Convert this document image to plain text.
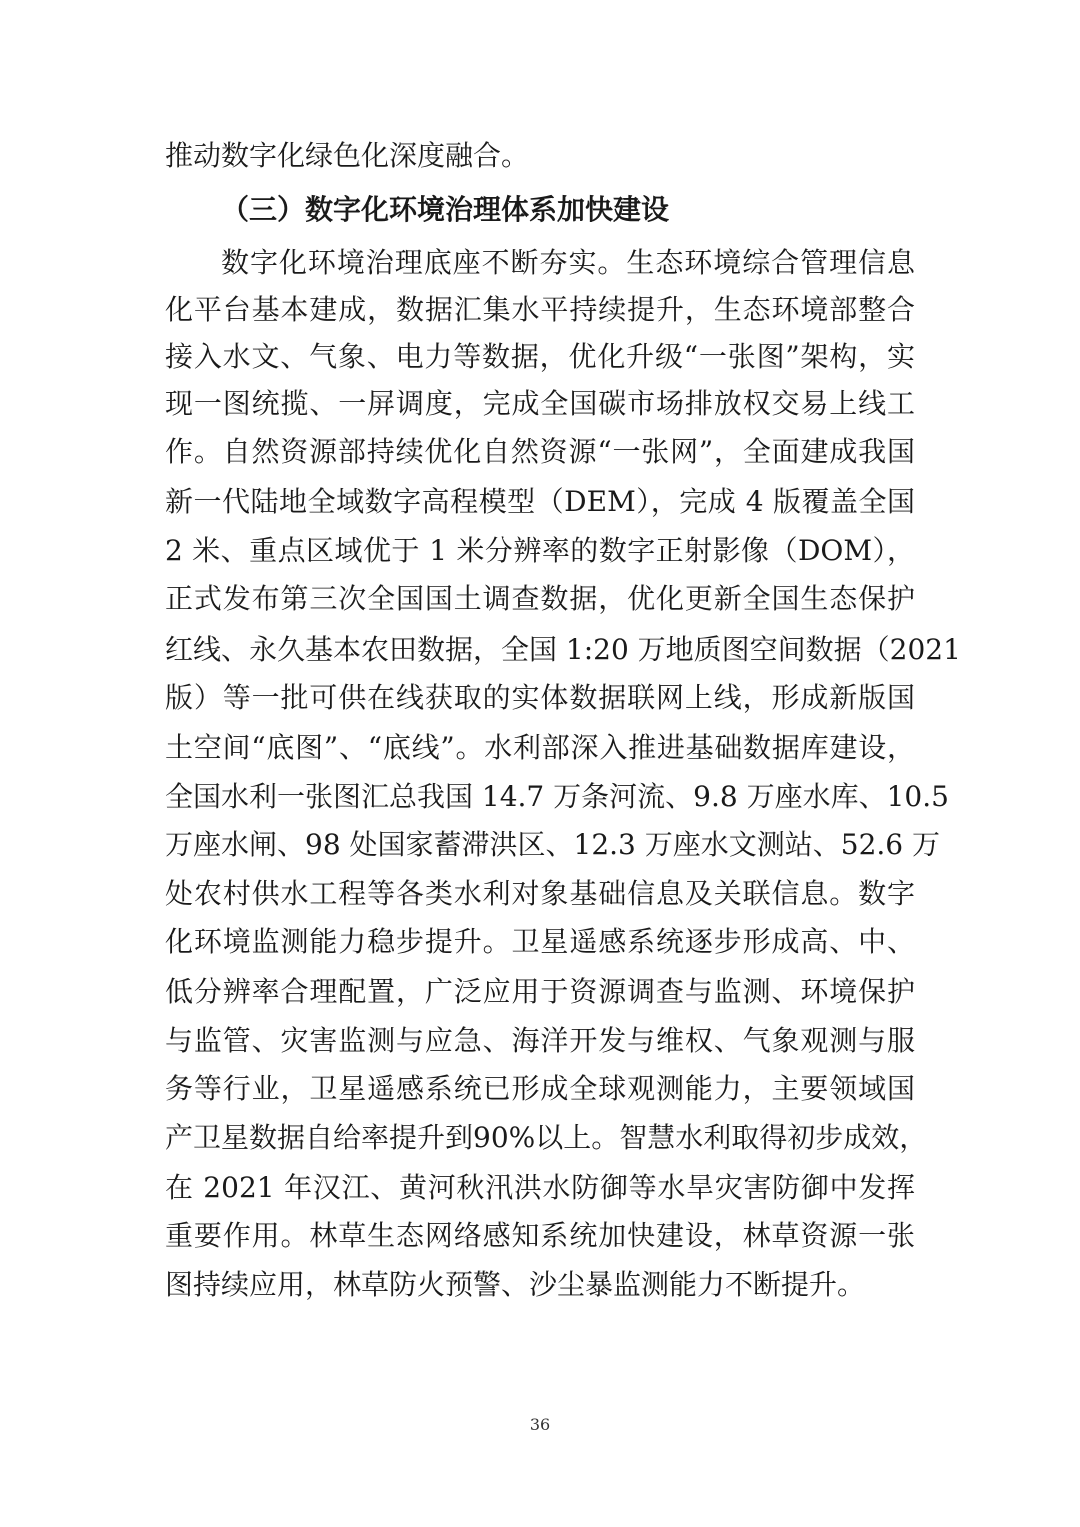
推动数字化绿色化深度融合。
（三）数字化环境治理体系加快建设
数字化环境治理底座不断夯实。生态环境综合管理信息
化平台基本建成，数据汇集水平持续提升，生态环境部整合
接入水文、气象、电力等数据，优化升级“一张图”架构，实
现一图统揽、一屏调度，完成全国碳市场排放权交易上线工
作。自然资源部持续优化自然资源“一张网”，全面建成我国
新一代陆地全域数字高程模型（DEM），完成 4 版覆盖全国
2 米、重点区域优于 1 米分辨率的数字正射影像（DOM），
正式发布第三次全国国土调查数据，优化更新全国生态保护
红线、永久基本农田数据，全国 1:20 万地质图空间数据（2021
版）等一批可供在线获取的实体数据联网上线，形成新版国
土空间“底图”、“底线”。水利部深入推进基础数据库建设，
全国水利一张图汇总我国 14.7 万条河流、9.8 万座水库、10.5
万座水闸、98 处国家蓄滞洪区、12.3 万座水文测站、52.6 万
处农村供水工程等各类水利对象基础信息及关联信息。数字
化环境监测能力稳步提升。卫星遥感系统逐步形成高、中、
低分辨率合理配置，广泛应用于资源调查与监测、环境保护
与监管、灾害监测与应急、海洋开发与维权、气象观测与服
务等行业，卫星遥感系统已形成全球观测能力，主要领域国
产卫星数据自给率提升到90%以上。智慧水利取得初步成效，
在 2021 年汉江、黄河秋汛洪水防御等水旱灾害防御中发挥
重要作用。林草生态网络感知系统加快建设，林草资源一张
图持续应用，林草防火预警、沙尘暴监测能力不断提升。
36
